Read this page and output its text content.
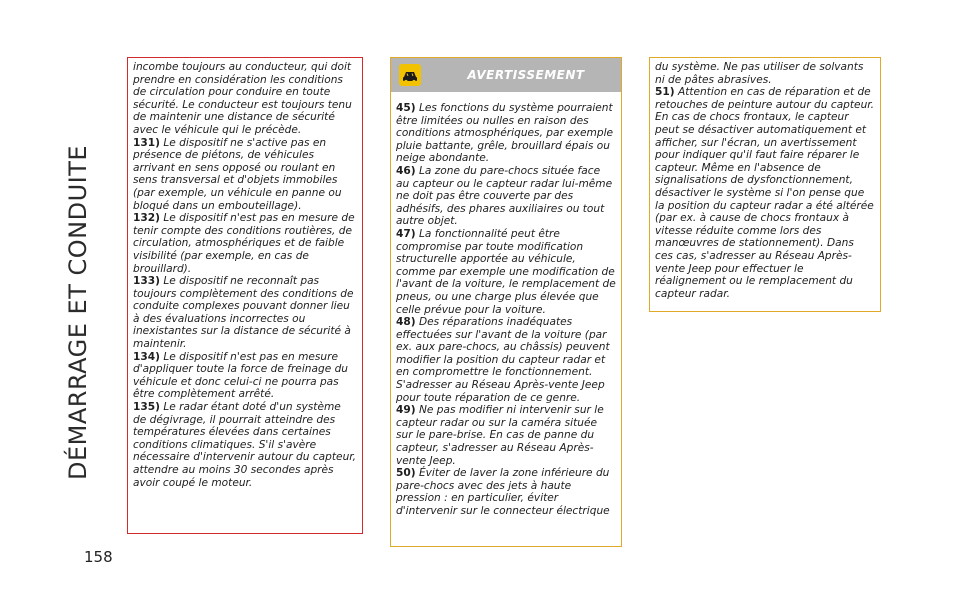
DÉMARRAGE ET CONDUITE
158

incombe toujours au conducteur, qui doit prendre en considération les conditions de circulation pour conduire en toute sécurité. Le conducteur est toujours tenu de maintenir une distance de sécurité avec le véhicule qui le précède.

131) Le dispositif ne s'active pas en présence de piétons, de véhicules arrivant en sens opposé ou roulant en sens transversal et d'objets immobiles (par exemple, un véhicule en panne ou bloqué dans un embouteillage).

132) Le dispositif n'est pas en mesure de tenir compte des conditions routières, de circulation, atmosphériques et de faible visibilité (par exemple, en cas de brouillard).

133) Le dispositif ne reconnaît pas toujours complètement des conditions de conduite complexes pouvant donner lieu à des évaluations incorrectes ou inexistantes sur la distance de sécurité à maintenir.

134) Le dispositif n'est pas en mesure d'appliquer toute la force de freinage du véhicule et donc celui-ci ne pourra pas être complètement arrêté.

135) Le radar étant doté d'un système de dégivrage, il pourrait atteindre des températures élevées dans certaines conditions climatiques. S'il s'avère nécessaire d'intervenir autour du capteur, attendre au moins 30 secondes après avoir coupé le moteur.

AVERTISSEMENT

45) Les fonctions du système pourraient être limitées ou nulles en raison des conditions atmosphériques, par exemple pluie battante, grêle, brouillard épais ou neige abondante.

46) La zone du pare-chocs située face au capteur ou le capteur radar lui-même ne doit pas être couverte par des adhésifs, des phares auxiliaires ou tout autre objet.

47) La fonctionnalité peut être compromise par toute modification structurelle apportée au véhicule, comme par exemple une modification de l'avant de la voiture, le remplacement de pneus, ou une charge plus élevée que celle prévue pour la voiture.

48) Des réparations inadéquates effectuées sur l'avant de la voiture (par ex. aux pare-chocs, au châssis) peuvent modifier la position du capteur radar et en compromettre le fonctionnement. S'adresser au Réseau Après-vente Jeep pour toute réparation de ce genre.

49) Ne pas modifier ni intervenir sur le capteur radar ou sur la caméra située sur le pare-brise. En cas de panne du capteur, s'adresser au Réseau Après-vente Jeep.

50) Éviter de laver la zone inférieure du pare-chocs avec des jets à haute pression : en particulier, éviter d'intervenir sur le connecteur électrique

du système. Ne pas utiliser de solvants ni de pâtes abrasives.

51) Attention en cas de réparation et de retouches de peinture autour du capteur. En cas de chocs frontaux, le capteur peut se désactiver automatiquement et afficher, sur l'écran, un avertissement pour indiquer qu'il faut faire réparer le capteur. Même en l'absence de signalisations de dysfonctionnement, désactiver le système si l'on pense que la position du capteur radar a été altérée (par ex. à cause de chocs frontaux à vitesse réduite comme lors des manœuvres de stationnement). Dans ces cas, s'adresser au Réseau Après-vente Jeep pour effectuer le réalignement ou le remplacement du capteur radar.
